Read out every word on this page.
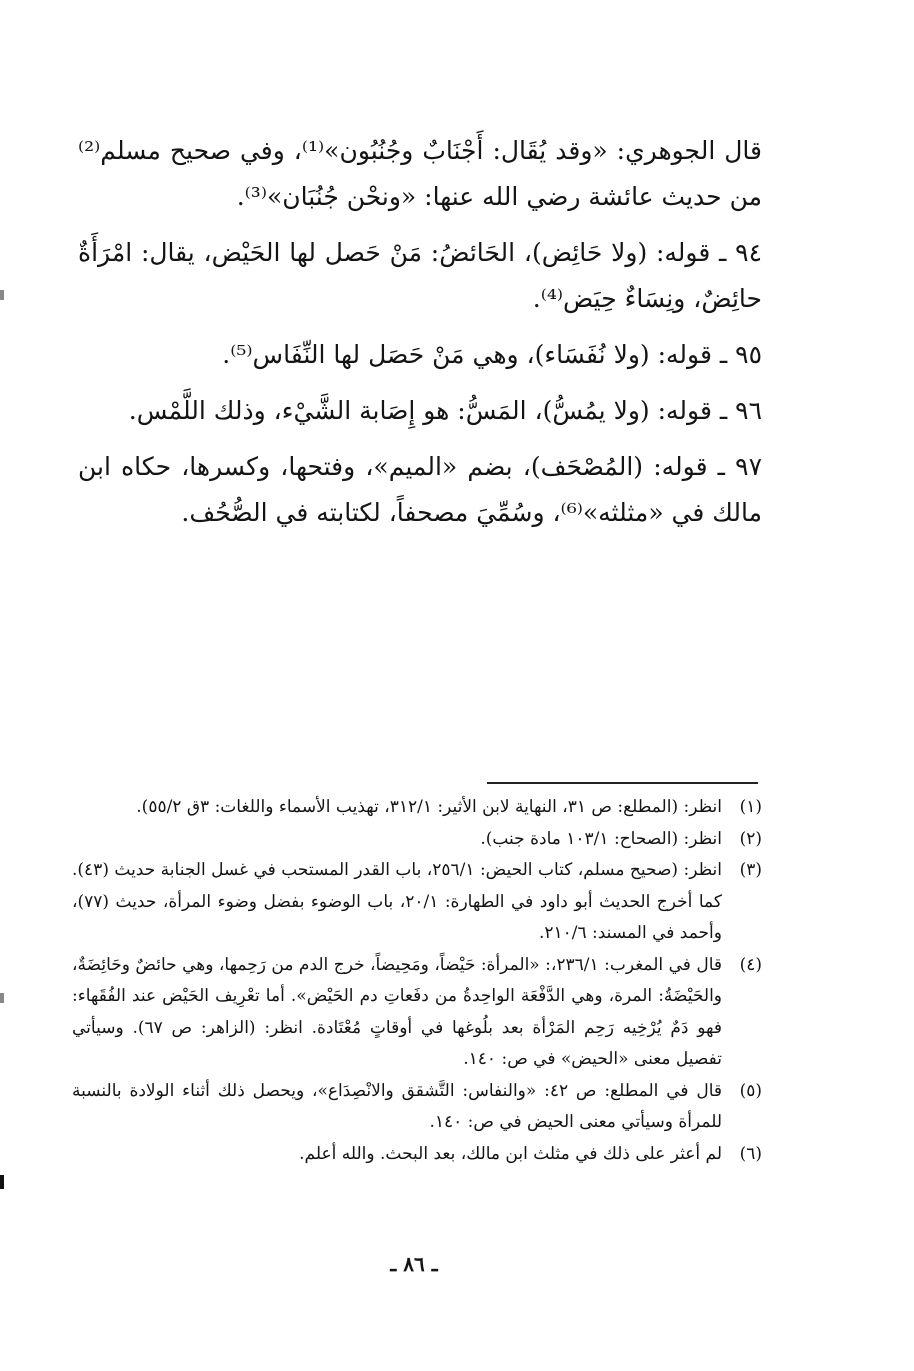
قال الجوهري: «وقد يُقَال: أَجْنَابٌ وجُنُبُون»⁽¹⁾، وفي صحيح مسلم⁽²⁾ من حديث عائشة رضي الله عنها: «ونحْن جُنُبَان»⁽³⁾.

٩٤ ـ قوله: (ولا حَائِض)، الحَائضُ: مَنْ حَصل لها الحَيْض، يقال: امْرَأَةٌ حائِضٌ، ونِسَاءٌ حِيَض⁽⁴⁾.

٩٥ ـ قوله: (ولا نُفَسَاء)، وهي مَنْ حَصَل لها النِّفَاس⁽⁵⁾.

٩٦ ـ قوله: (ولا يمُسُّ)، المَسُّ: هو إِصَابة الشَّيْء، وذلك اللَّمْس.

٩٧ ـ قوله: (المُصْحَف)، بضم «الميم»، وفتحها، وكسرها، حكاه ابن مالك في «مثلثه»⁽⁶⁾، وسُمِّيَ مصحفاً، لكتابته في الصُّحُف.

(١)
انظر: (المطلع: ص ٣١، النهاية لابن الأثير: ٣١٢/١، تهذيب الأسماء واللغات: ٣ق ٥٥/٢).
(٢)
انظر: (الصحاح: ١٠٣/١ مادة جنب).
(٣)
انظر: (صحيح مسلم، كتاب الحيض: ٢٥٦/١، باب القدر المستحب في غسل الجنابة حديث (٤٣). كما أخرج الحديث أبو داود في الطهارة: ٢٠/١، باب الوضوء بفضل وضوء المرأة، حديث (٧٧)، وأحمد في المسند: ٢١٠/٦.
(٤)
قال في المغرب: ٢٣٦/١،: «المرأة: حَيْضاً، ومَحِيضاً، خرج الدم من رَحِمها، وهي حائضٌ وحَائِضَةٌ، والحَيْضَةُ: المرة، وهي الدَّفْعَة الواحِدةُ من دفَعاتِ دم الحَيْض». أما تعْرِيف الحَيْض عند الفُقَهاء: فهو دَمٌ يُرْخِيه رَحِم المَرْأة بعد بلُوغها في أوقاتٍ مُعْتَادة. انظر: (الزاهر: ص ٦٧). وسيأتي تفصيل معنى «الحيض» في ص: ١٤٠.
(٥)
قال في المطلع: ص ٤٢: «والنفاس: التَّشقق والانْصِدَاع»، ويحصل ذلك أثناء الولادة بالنسبة للمرأة وسيأتي معنى الحيض في ص: ١٤٠.
(٦)
لم أعثر على ذلك في مثلث ابن مالك، بعد البحث. والله أعلم.
ـ ٨٦ ـ
